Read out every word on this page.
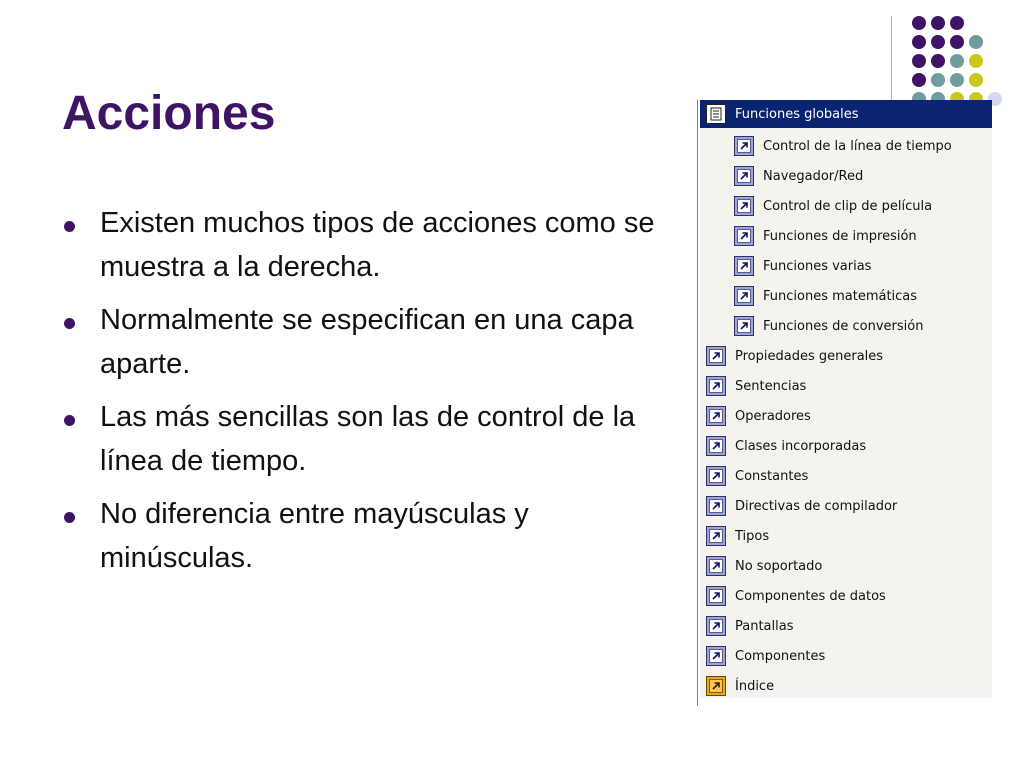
Acciones
Existen muchos tipos de acciones como se muestra a la derecha.
Normalmente se especifican en una capa aparte.
Las más sencillas son las de control de la línea de tiempo.
No diferencia entre mayúsculas y minúsculas.
Funciones globales
Control de la línea de tiempo
Navegador/Red
Control de clip de película
Funciones de impresión
Funciones varias
Funciones matemáticas
Funciones de conversión
Propiedades generales
Sentencias
Operadores
Clases incorporadas
Constantes
Directivas de compilador
Tipos
No soportado
Componentes de datos
Pantallas
Componentes
Índice
